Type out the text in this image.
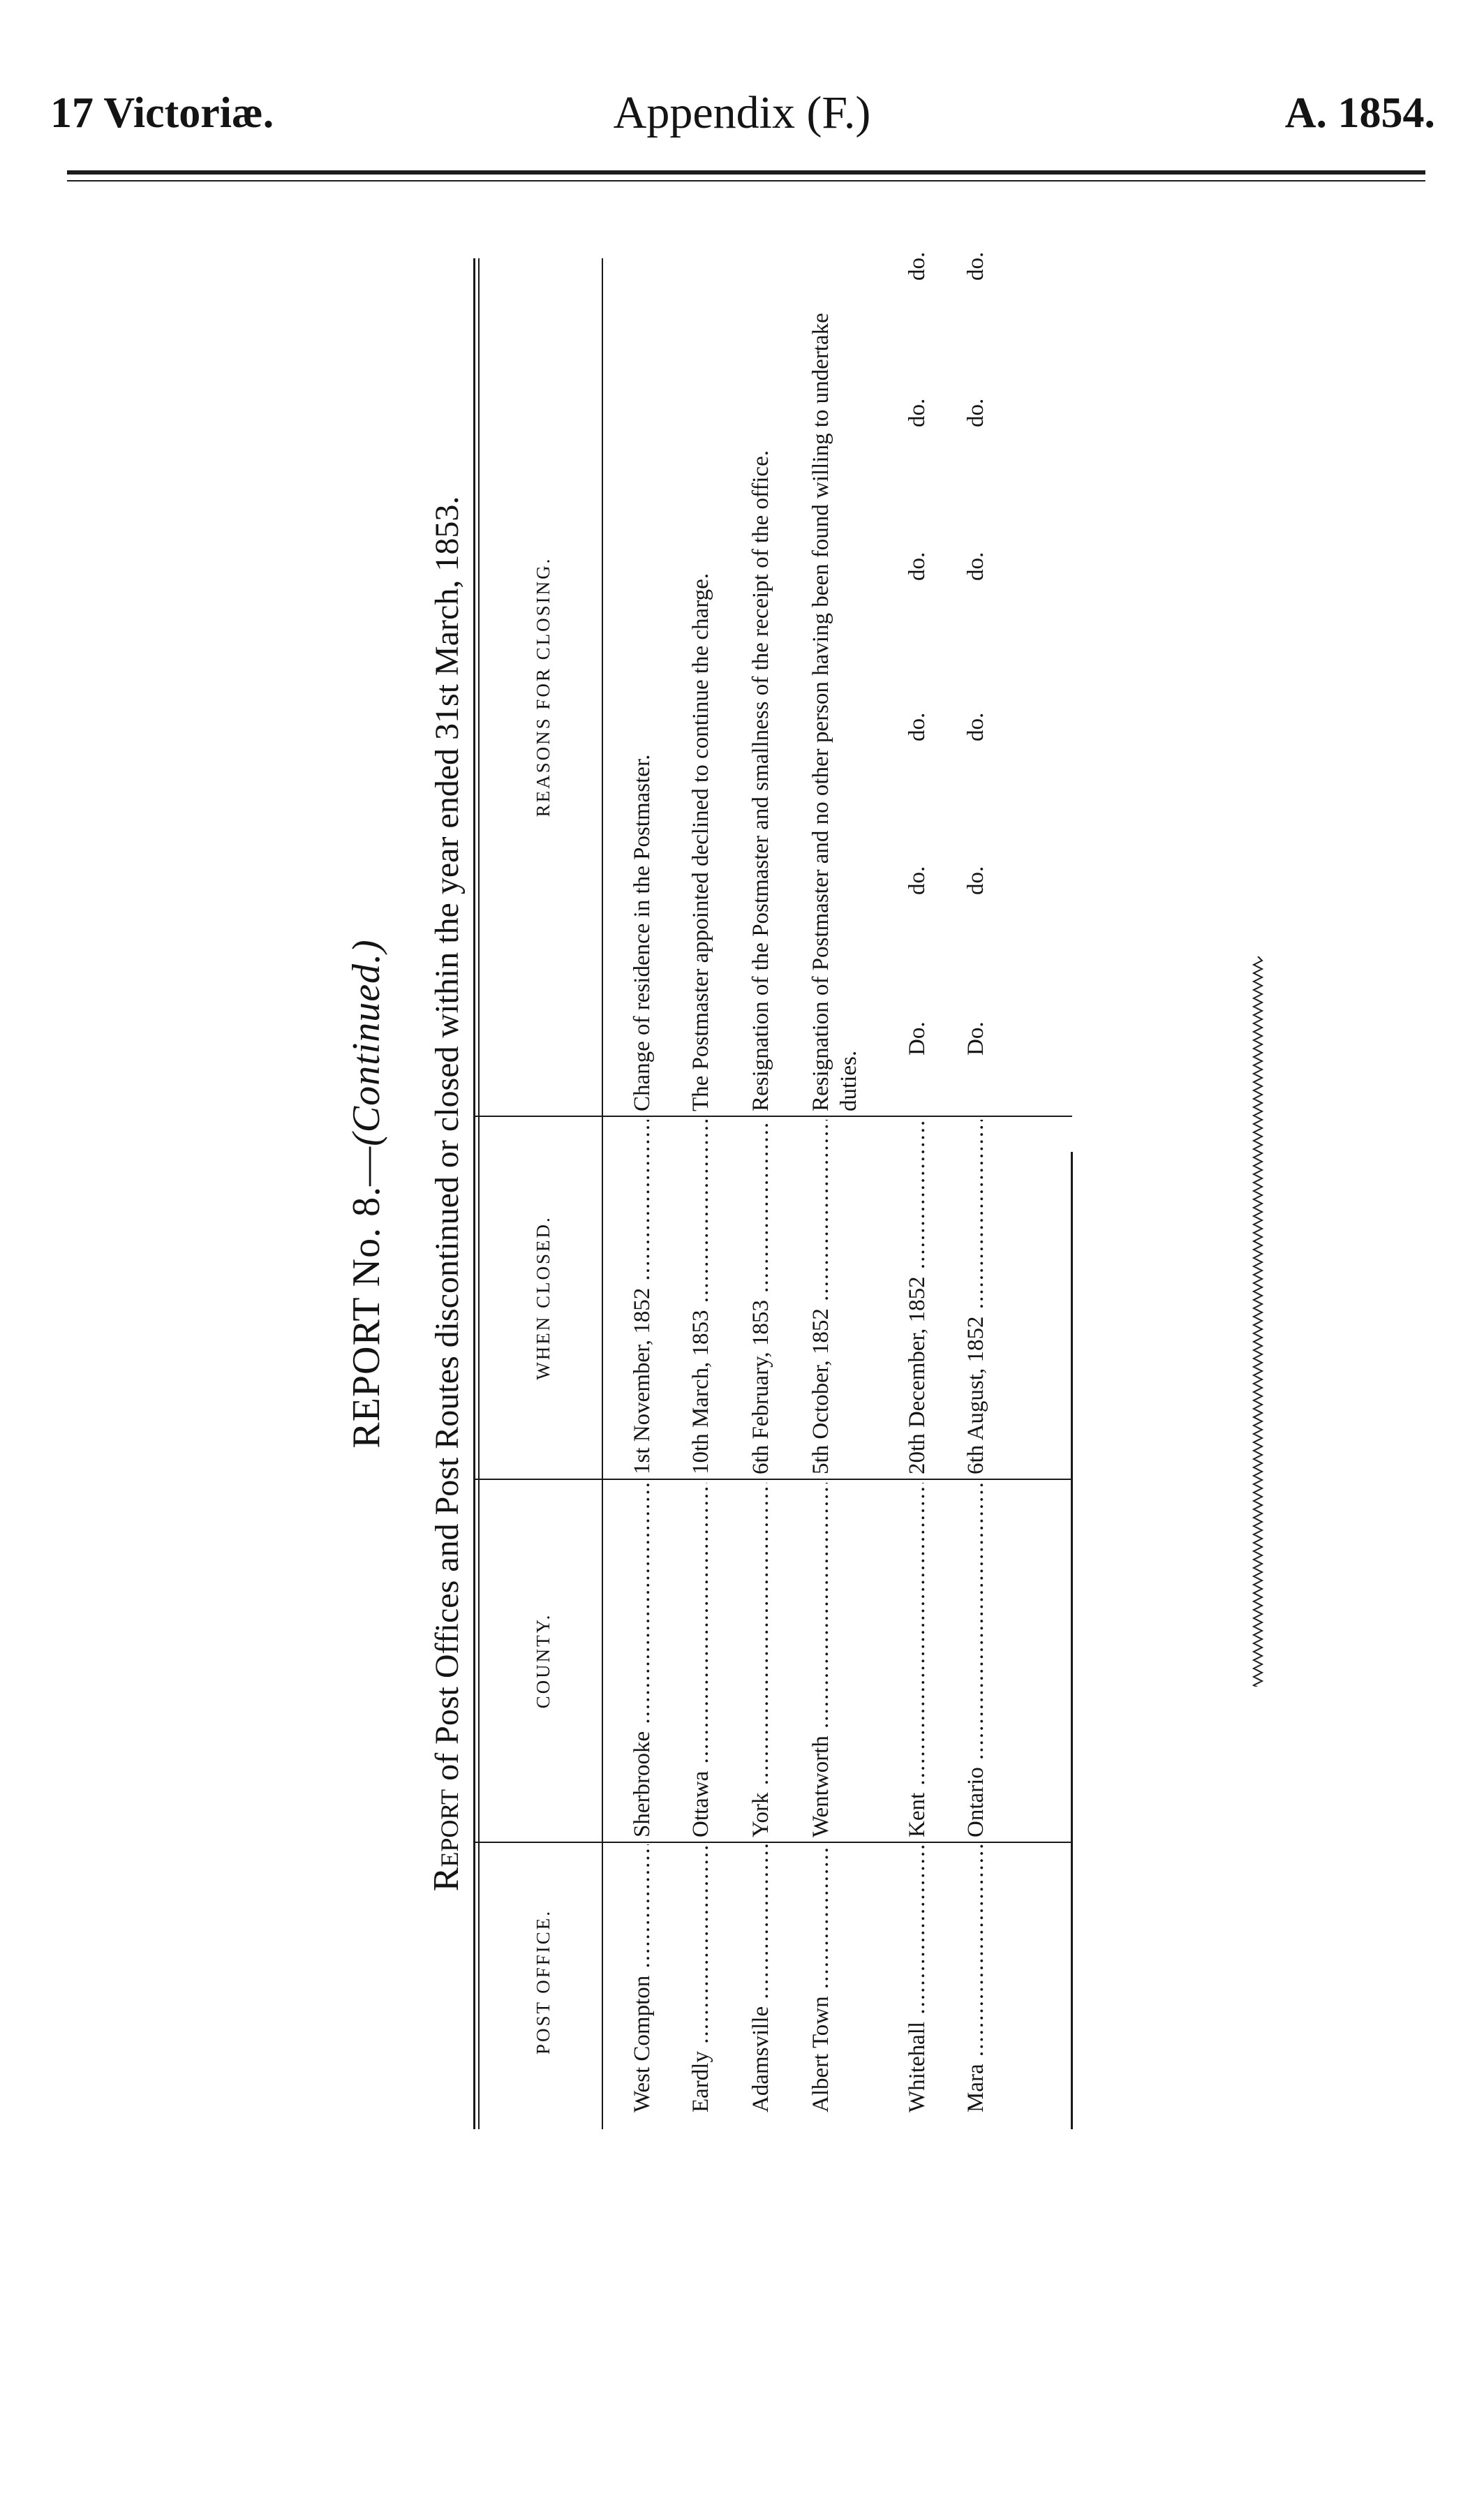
17 Victoriæ.	Appendix (F.)	A. 1854.
REPORT No. 8.—(Continued.)
Report of Post Offices and Post Routes discontinued or closed within the year ended 31st March, 1853.
POST OFFICE.
COUNTY.
WHEN CLOSED.
REASONS FOR CLOSING.
West Compton .....
Sherbrooke .....
1st November, 1852 .....
Change of residence in the Postmaster.
Eardly .....
Ottawa .....
10th March, 1853 .....
The Postmaster appointed declined to continue the charge.
Adamsville .....
York .....
6th February, 1853 .....
Resignation of the Postmaster and smallness of the receipt of the office.
Albert Town .....
Wentworth .....
5th October, 1852 .....
Resignation of Postmaster and no other person having been found willing to undertake duties.
Whitehall .....
Kent .....
20th December, 1852 .....
Do.
do.
do.
do.
do.
do.
Mara .....
Ontario .....
6th August, 1852 .....
Do.
do.
do.
do.
do.
do.
